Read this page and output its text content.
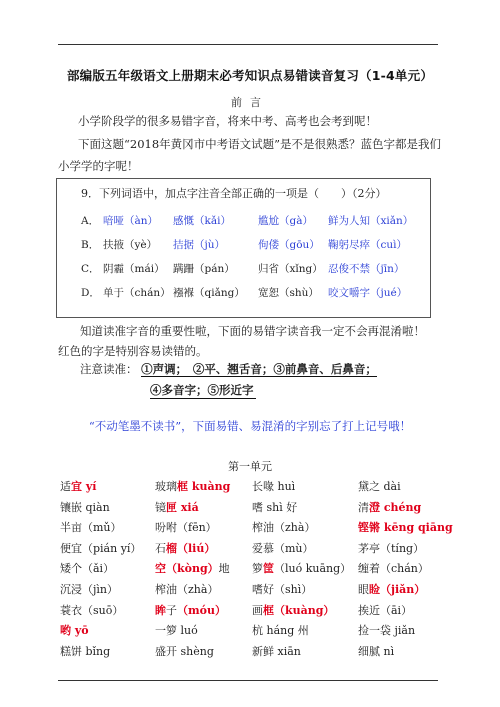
部编版五年级语文上册期末必考知识点易错读音复习（1-4单元）
前言
小学阶段学的很多易错字音，将来中考、高考也会考到呢！
下面这题“2018年黄冈市中考语文试题”是不是很熟悉？蓝色字都是我们
小学学的字呢！
9．下列词语中，加点字注音全部正确的一项是（　　）（2分）
A． 喑哑（àn） 感慨（kǎi）	尴尬（gà） 鲜为人知（xiǎn）
B． 扶掖（yè） 拮据（jù）	佝偻（gōu） 鞠躬尽瘁（cuì）
C． 阴霾（mái） 蹒跚（pán） 归省（xǐng） 忍俊不禁（jīn）
D． 单于（chán） 襁褓（qiǎng） 宽恕（shù） 咬文嚼字（jué）
知道读准字音的重要性啦，下面的易错字读音我一定不会再混淆啦！
红色的字是特别容易读错的。
注意读准： ①声调；　②平、翘舌音；③前鼻音、后鼻音；
④多音字；⑤形近字
“不动笔墨不读书”，下面易错、易混淆的字别忘了打上记号哦！
第一单元
适宜 yí	玻璃框 kuàng 长喙 huì	黛之 dài
镶嵌 qiàn	镜匣 xiá	嗜 shì 好	清澄 chéng
半亩（mǔ）	吩咐（fēn）	榨油（zhà）	铿锵 kēng qiāng
便宜（pián yí） 石榴（liú）	爱慕（mù）	茅亭（tíng）
矮个（ǎi）	空（kòng）地 箩筐（luó kuāng） 缠着（chán）
沉浸（jìn）	榨油（zhà）	嗜好（shì）	眼睑（jiǎn）
蓑衣（suō）	眸子（móu） 画框（kuàng） 挨近（āi）
哟 yō	一箩 luó	杭 háng 州	捡一袋 jiǎn
糕饼 bǐng	盛开 shèng	新鲜 xiān	细腻 nì
